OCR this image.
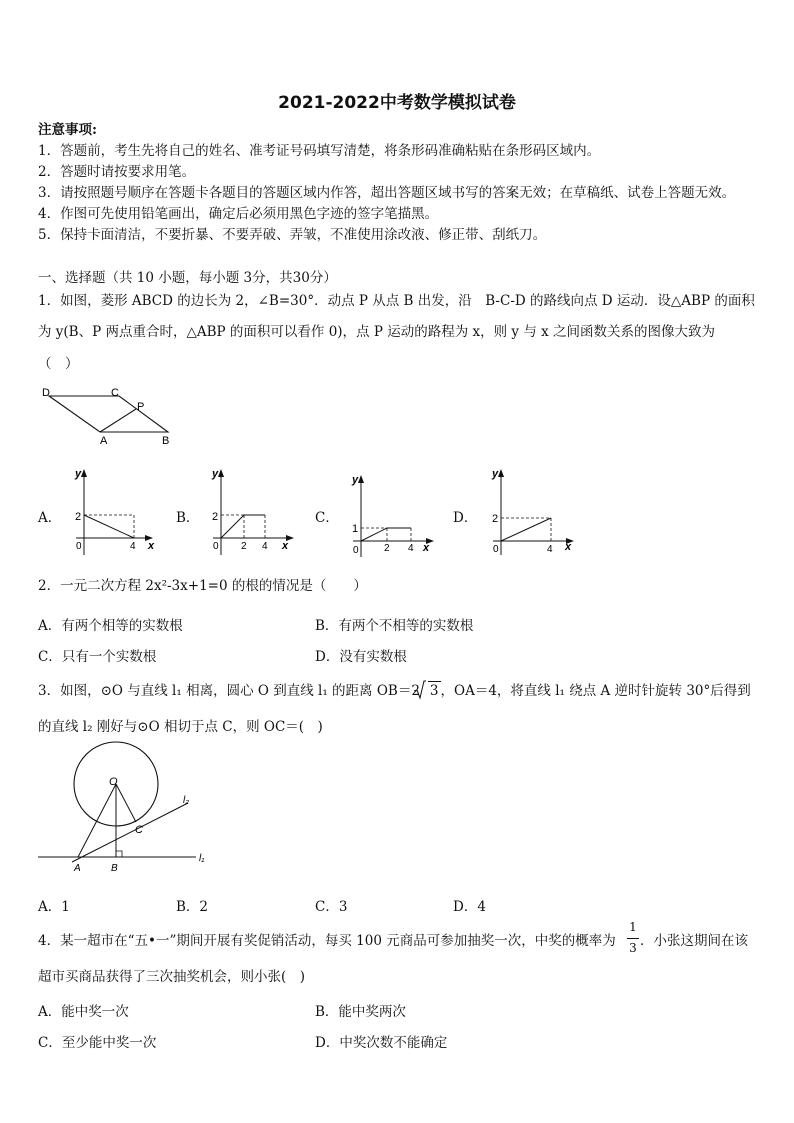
2021-2022中考数学模拟试卷
注意事项:
1．答题前，考生先将自己的姓名、准考证号码填写清楚，将条形码准确粘贴在条形码区域内。
2．答题时请按要求用笔。
3．请按照题号顺序在答题卡各题目的答题区域内作答，超出答题区域书写的答案无效；在草稿纸、试卷上答题无效。
4．作图可先使用铅笔画出，确定后必须用黑色字迹的签字笔描黑。
5．保持卡面清洁，不要折暴、不要弄破、弄皱，不准使用涂改液、修正带、刮纸刀。
一、选择题（共 10 小题，每小题 3分，共30分）
1．如图，菱形 ABCD 的边长为 2，∠B=30°．动点 P 从点 B 出发，沿　B-C-D 的路线向点 D 运动．设△ABP 的面积
为 y(B、P 两点重合时，△ABP 的面积可以看作 0)，点 P 运动的路程为 x，则 y 与 x 之间函数关系的图像大致为
（　）
D	C
P
A	B
A．	B．	C．	D．
y
2
0	4 x
y
2
0 2 4 x
y
1
0	2 4 x
y
2
0	4 x
2．一元二次方程 2x²-3x+1=0 的根的情况是（　　）
A．有两个相等的实数根	B．有两个不相等的实数根
C．只有一个实数根	D．没有实数根
3．如图，⊙O 与直线 l₁ 相离，圆心 O 到直线 l₁ 的距离 OB＝2 3 ，OA＝4，将直线 l₁ 绕点 A 逆时针旋转 30°后得到
的直线 l₂ 刚好与⊙O 相切于点 C，则 OC＝(　)
O
C
A	B
l₁
l₂
A．1	B．2	C．3	D．4
4．某一超市在“五•一”期间开展有奖促销活动，每买 100 元商品可参加抽奖一次，中奖的概率为
1
3 ．小张这期间在该
超市买商品获得了三次抽奖机会，则小张(　)
A．能中奖一次	B．能中奖两次
C．至少能中奖一次	D．中奖次数不能确定
